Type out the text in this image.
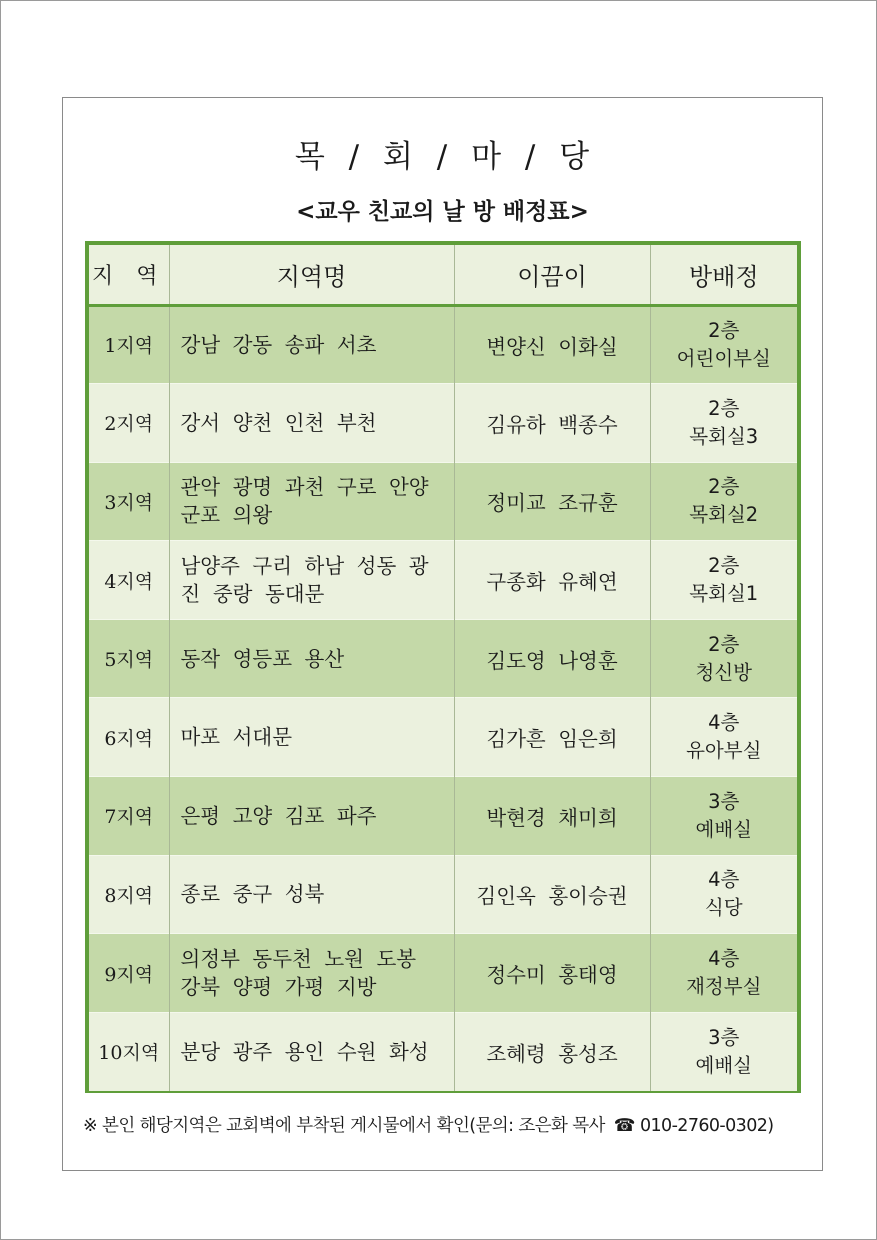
목 / 회 / 마 / 당
<교우 친교의 날 방 배정표>
지 역	지역명	이끔이	방배정
1지역	강남 강동 송파 서초	변양신 이화실	2층
어린이부실

2지역	강서 양천 인천 부천	김유하 백종수	2층
목회실3

3지역	관악 광명 과천 구로 안양 군포 의왕	정미교 조규훈	2층
목회실2

4지역	남양주 구리 하남 성동 광진 중랑 동대문	구종화 유혜연	2층
목회실1

5지역	동작 영등포 용산	김도영 나영훈	2층
청신방

6지역	마포 서대문	김가흔 임은희	4층
유아부실

7지역	은평 고양 김포 파주	박현경 채미희	3층
예배실

8지역	종로 중구 성북	김인옥 홍이승권	4층
식당

9지역	의정부 동두천 노원 도봉 강북 양평 가평 지방	정수미 홍태영	4층
재정부실

10지역	분당 광주 용인 수원 화성	조혜령 홍성조	3층
예배실
※ 본인 해당지역은 교회벽에 부착된 게시물에서 확인(문의: 조은화 목사 ☎ 010-2760-0302)
